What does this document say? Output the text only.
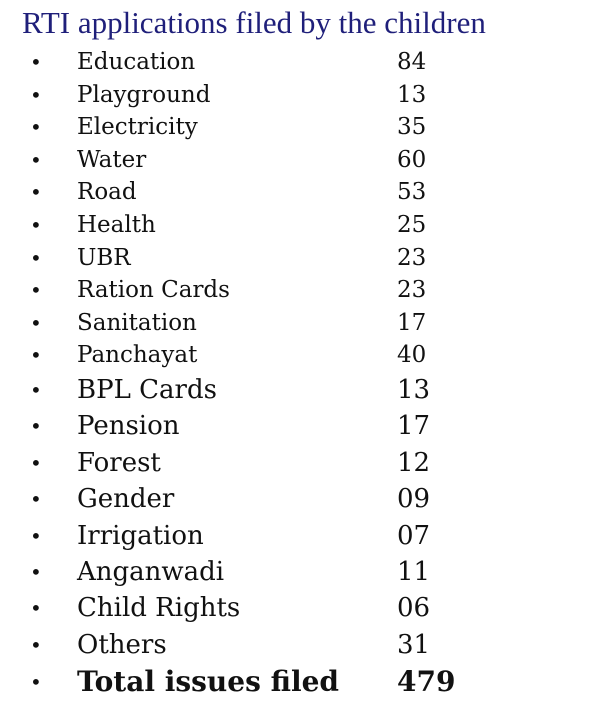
RTI applications filed by the children
• Education	84
• Playground	13
• Electricity	35
• Water	60
• Road	53
• Health	25
• UBR	23
• Ration Cards	23
• Sanitation	17
• Panchayat	40
• BPL Cards	13
• Pension	17
• Forest	12
• Gender	09
• Irrigation	07
• Anganwadi	11
• Child Rights	06
• Others	31
• Total issues filed 479
